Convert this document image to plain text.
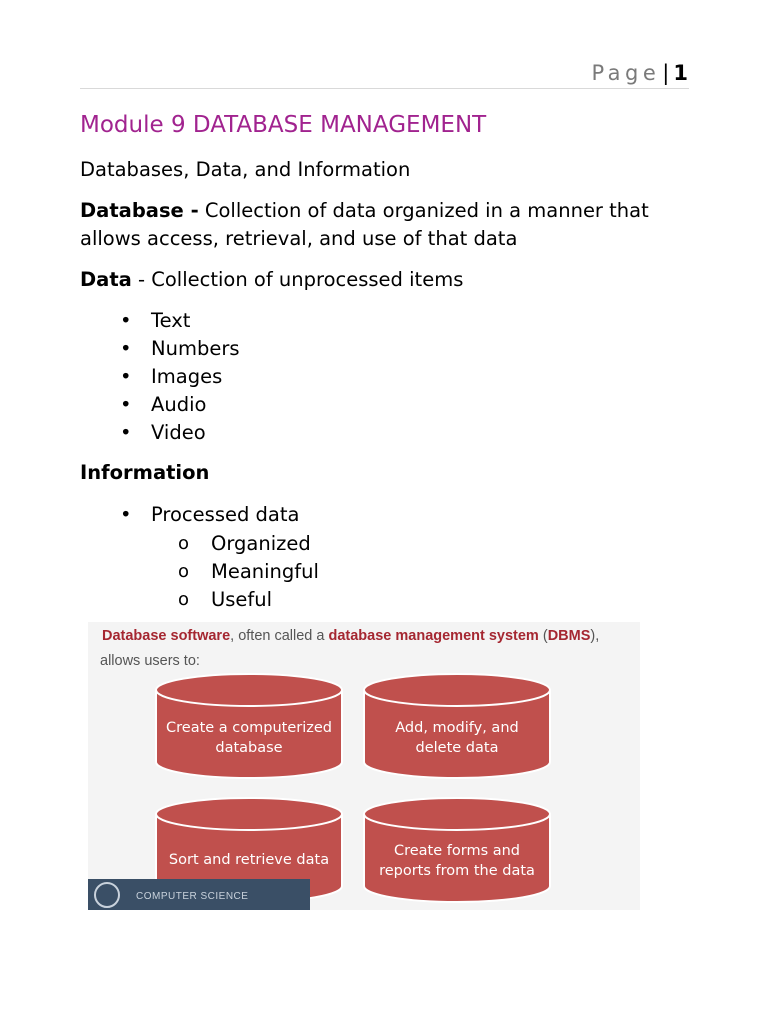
Page| 1
Module 9 DATABASE MANAGEMENT
Databases, Data, and Information
Database - Collection of data organized in a manner that allows access, retrieval, and use of that data
Data - Collection of unprocessed items
• Text
• Numbers
• Images
• Audio
• Video
Information
• Processed data
o Organized
o Meaningful
o Useful
Database software, often called a database management system (DBMS),
allows users to:
Create a computerized
database
Add, modify, and
delete data
Sort and retrieve data
Create forms and
reports from the data
COMPUTER SCIENCE
